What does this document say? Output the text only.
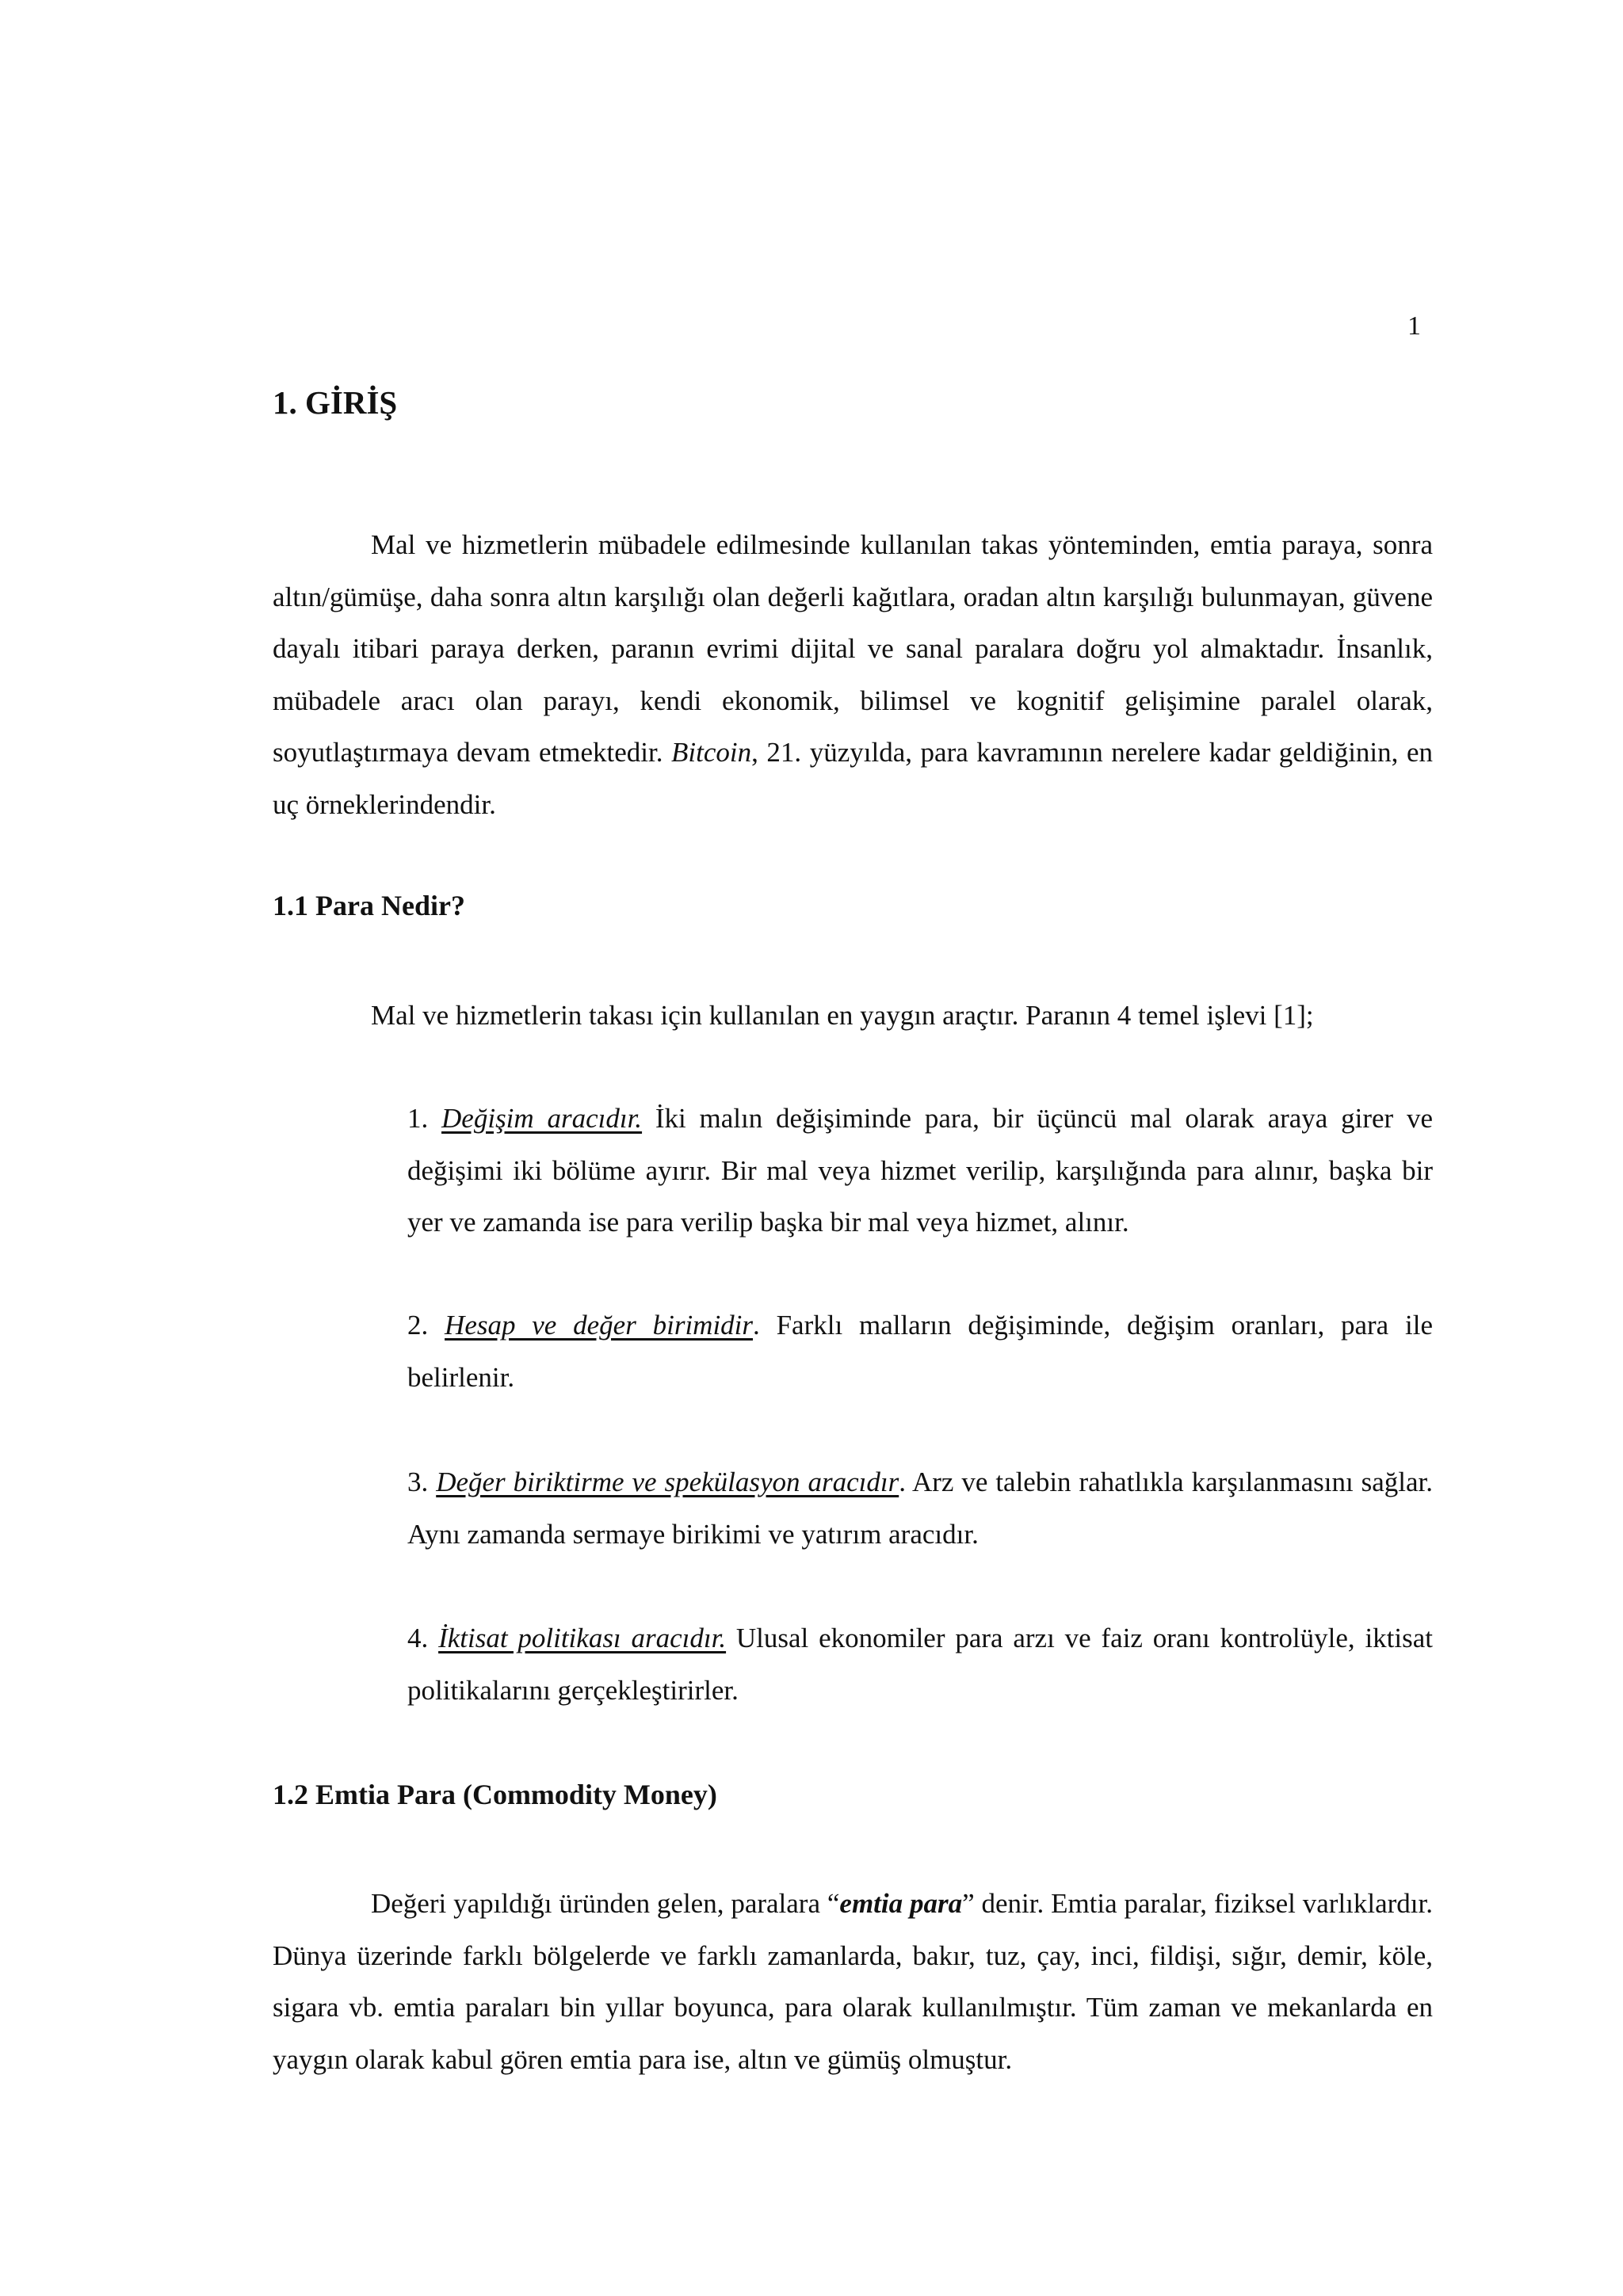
1
1. GİRİŞ

Mal ve hizmetlerin mübadele edilmesinde kullanılan takas yönteminden, emtia paraya, sonra altın/gümüşe, daha sonra altın karşılığı olan değerli kağıtlara, oradan altın karşılığı bulunmayan, güvene dayalı itibari paraya derken, paranın evrimi dijital ve sanal paralara doğru yol almaktadır. İnsanlık, mübadele aracı olan parayı, kendi ekonomik, bilimsel ve kognitif gelişimine paralel olarak, soyutlaştırmaya devam etmektedir. Bitcoin, 21. yüzyılda, para kavramının nerelere kadar geldiğinin, en uç örneklerindendir.

1.1 Para Nedir?

Mal ve hizmetlerin takası için kullanılan en yaygın araçtır. Paranın 4 temel işlevi [1];

1. Değişim aracıdır. İki malın değişiminde para, bir üçüncü mal olarak araya girer ve değişimi iki bölüme ayırır. Bir mal veya hizmet verilip, karşılığında para alınır, başka bir yer ve zamanda ise para verilip başka bir mal veya hizmet, alınır.

2. Hesap ve değer birimidir. Farklı malların değişiminde, değişim oranları, para ile belirlenir.

3. Değer biriktirme ve spekülasyon aracıdır. Arz ve talebin rahatlıkla karşılanmasını sağlar. Aynı zamanda sermaye birikimi ve yatırım aracıdır.

4. İktisat politikası aracıdır. Ulusal ekonomiler para arzı ve faiz oranı kontrolüyle, iktisat politikalarını gerçekleştirirler.

1.2 Emtia Para (Commodity Money)

Değeri yapıldığı üründen gelen, paralara “emtia para” denir. Emtia paralar, fiziksel varlıklardır. Dünya üzerinde farklı bölgelerde ve farklı zamanlarda, bakır, tuz, çay, inci, fildişi, sığır, demir, köle, sigara vb. emtia paraları bin yıllar boyunca, para olarak kullanılmıştır. Tüm zaman ve mekanlarda en yaygın olarak kabul gören emtia para ise, altın ve gümüş olmuştur.
